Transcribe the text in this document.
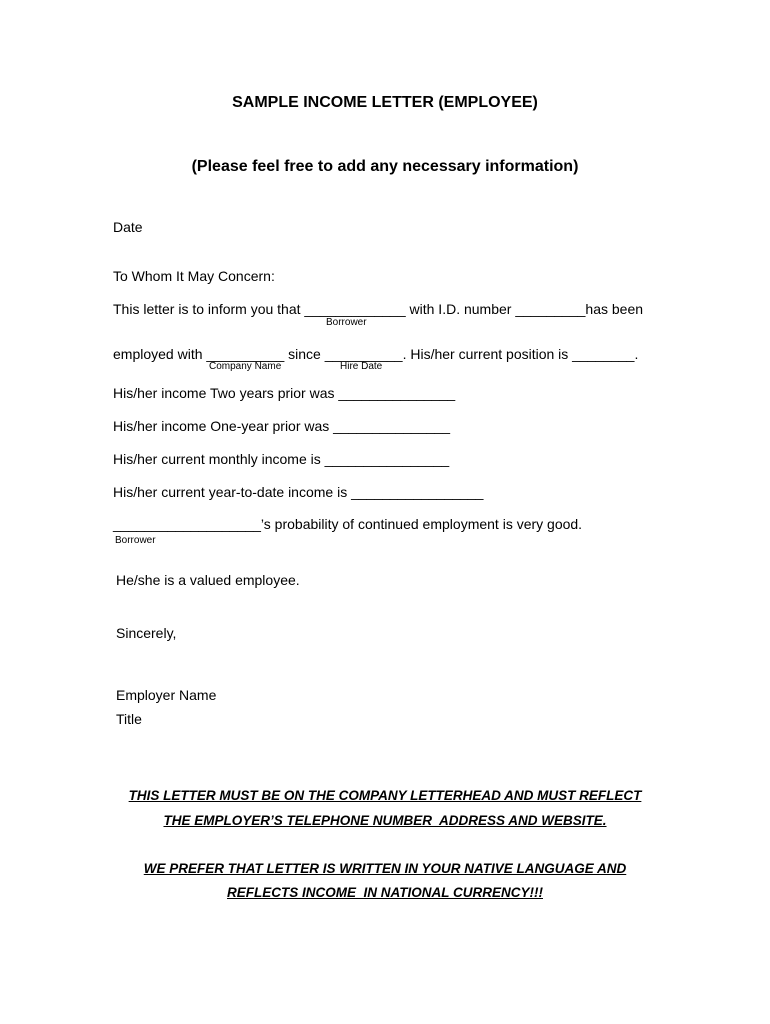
SAMPLE INCOME LETTER (EMPLOYEE)
(Please feel free to add any necessary information)
Date
To Whom It May Concern:
This letter is to inform you that _____________ with I.D. number _________has been
Borrower
employed with __________ since __________. His/her current position is ________.
Company Name	Hire Date
His/her income Two years prior was _______________
His/her income One-year prior was _______________
His/her current monthly income is ________________
His/her current year-to-date income is _________________
___________________’s probability of continued employment is very good.
Borrower
He/she is a valued employee.
Sincerely,
Employer Name
Title
THIS LETTER MUST BE ON THE COMPANY LETTERHEAD AND MUST REFLECT
THE EMPLOYER’S TELEPHONE NUMBER  ADDRESS AND WEBSITE.
WE PREFER THAT LETTER IS WRITTEN IN YOUR NATIVE LANGUAGE AND
REFLECTS INCOME  IN NATIONAL CURRENCY!!!
